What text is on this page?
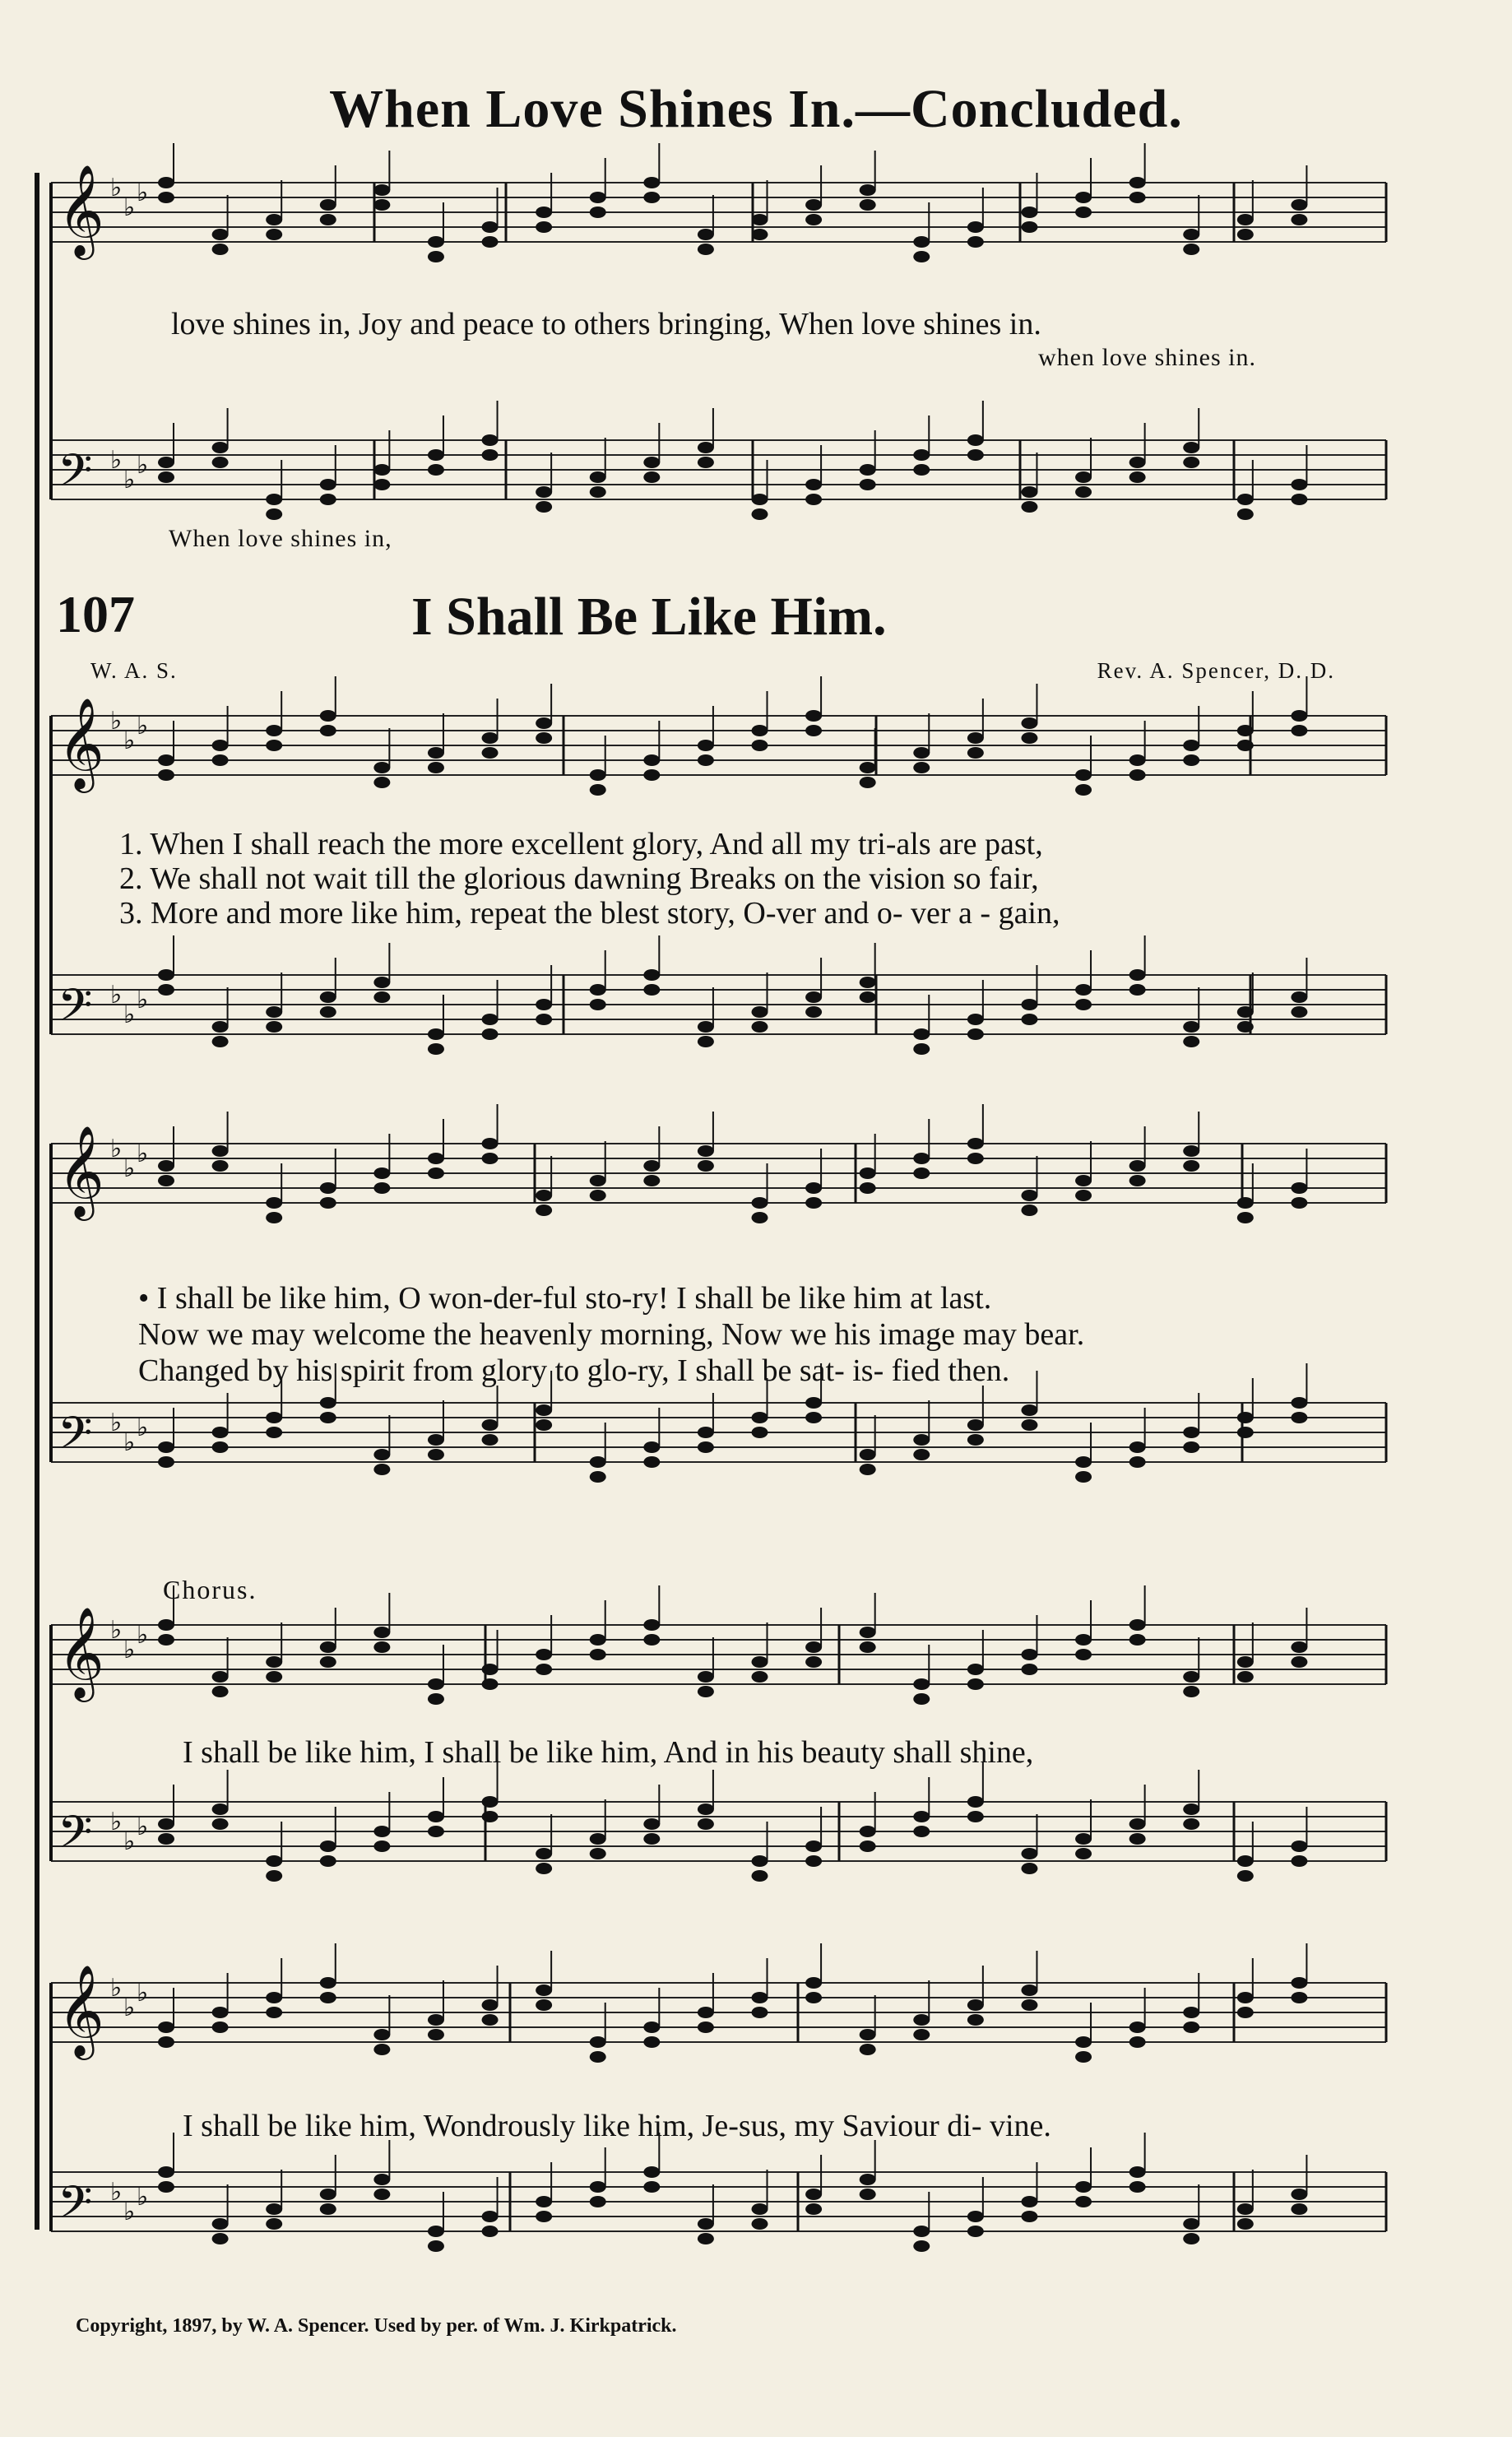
When Love Shines In.—Concluded.
𝄞 ♭
♭
♭
𝄢 ♭
♭
♭
𝄞 ♭
♭
♭
𝄢 ♭
♭
♭
𝄞 ♭
♭
♭
𝄢 ♭
♭
♭
𝄞 ♭
♭
♭
𝄢 ♭
♭
♭
𝄞 ♭
♭
♭
𝄢 ♭
♭
♭
love shines in, Joy and peace to others bringing, When love shines in.
when love shines in.
When love shines in,
107	I Shall Be Like Him.
W. A. S.	Rev. A. Spencer, D. D.
1. When I shall reach the more excellent glory, And all my tri-als are past,
2. We shall not wait till the glorious dawning Breaks on the vision so fair,
3. More and more like him, repeat the blest story, O-ver and o- ver a - gain,
• I shall be like him, O won-der-ful sto-ry! I shall be like him at last.
Now we may welcome the heavenly morning, Now we his image may bear.
Changed by his spirit from glory to glo-ry, I shall be sat- is- fied then.
Chorus.
I shall be like him, I shall be like him, And in his beauty shall shine,
I shall be like him, Wondrously like him, Je-sus, my Saviour di- vine.
Copyright, 1897, by W. A. Spencer. Used by per. of Wm. J. Kirkpatrick.
